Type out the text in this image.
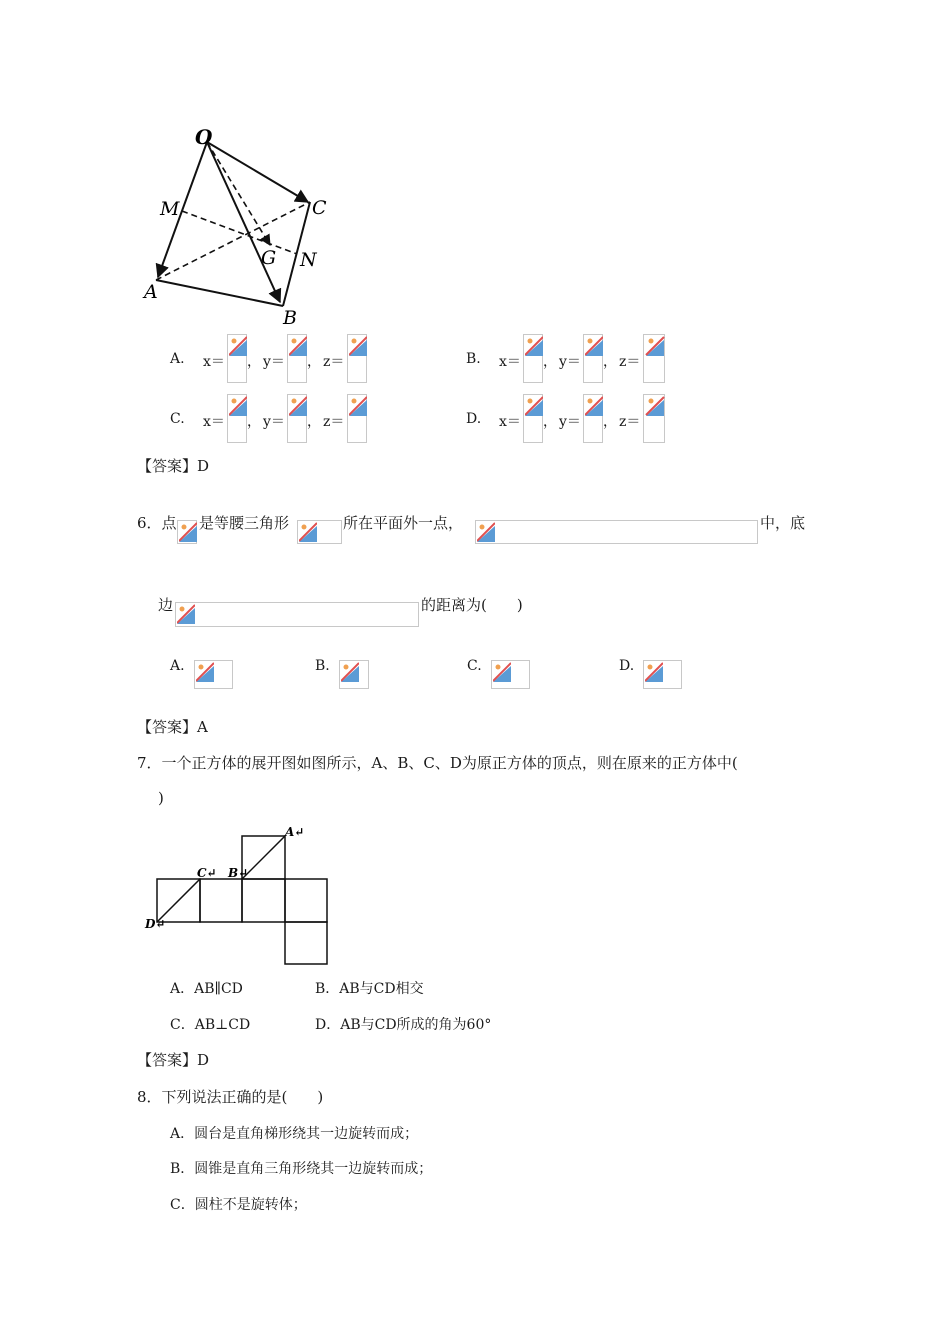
O
M	C
G N
A
B
A. x＝ ， y＝ ， z＝	B. x＝ ， y＝ ， z＝
C. x＝ ， y＝ ， z＝	D. x＝ ， y＝ ， z＝
【答案】D
6．点 是等腰三角形	所在平面外一点，	中，底
边	的距离为(　　)
A.	B.	C.	D.
【答案】A
7．一个正方体的展开图如图所示，A、B、C、D为原正方体的顶点，则在原来的正方体中(
)
A↵
C↵ B↵
D↵
A．AB∥CD	B．AB与CD相交
C．AB⊥CD	D．AB与CD所成的角为60°
【答案】D
8．下列说法正确的是(　　)
A．圆台是直角梯形绕其一边旋转而成；
B．圆锥是直角三角形绕其一边旋转而成；
C．圆柱不是旋转体；
